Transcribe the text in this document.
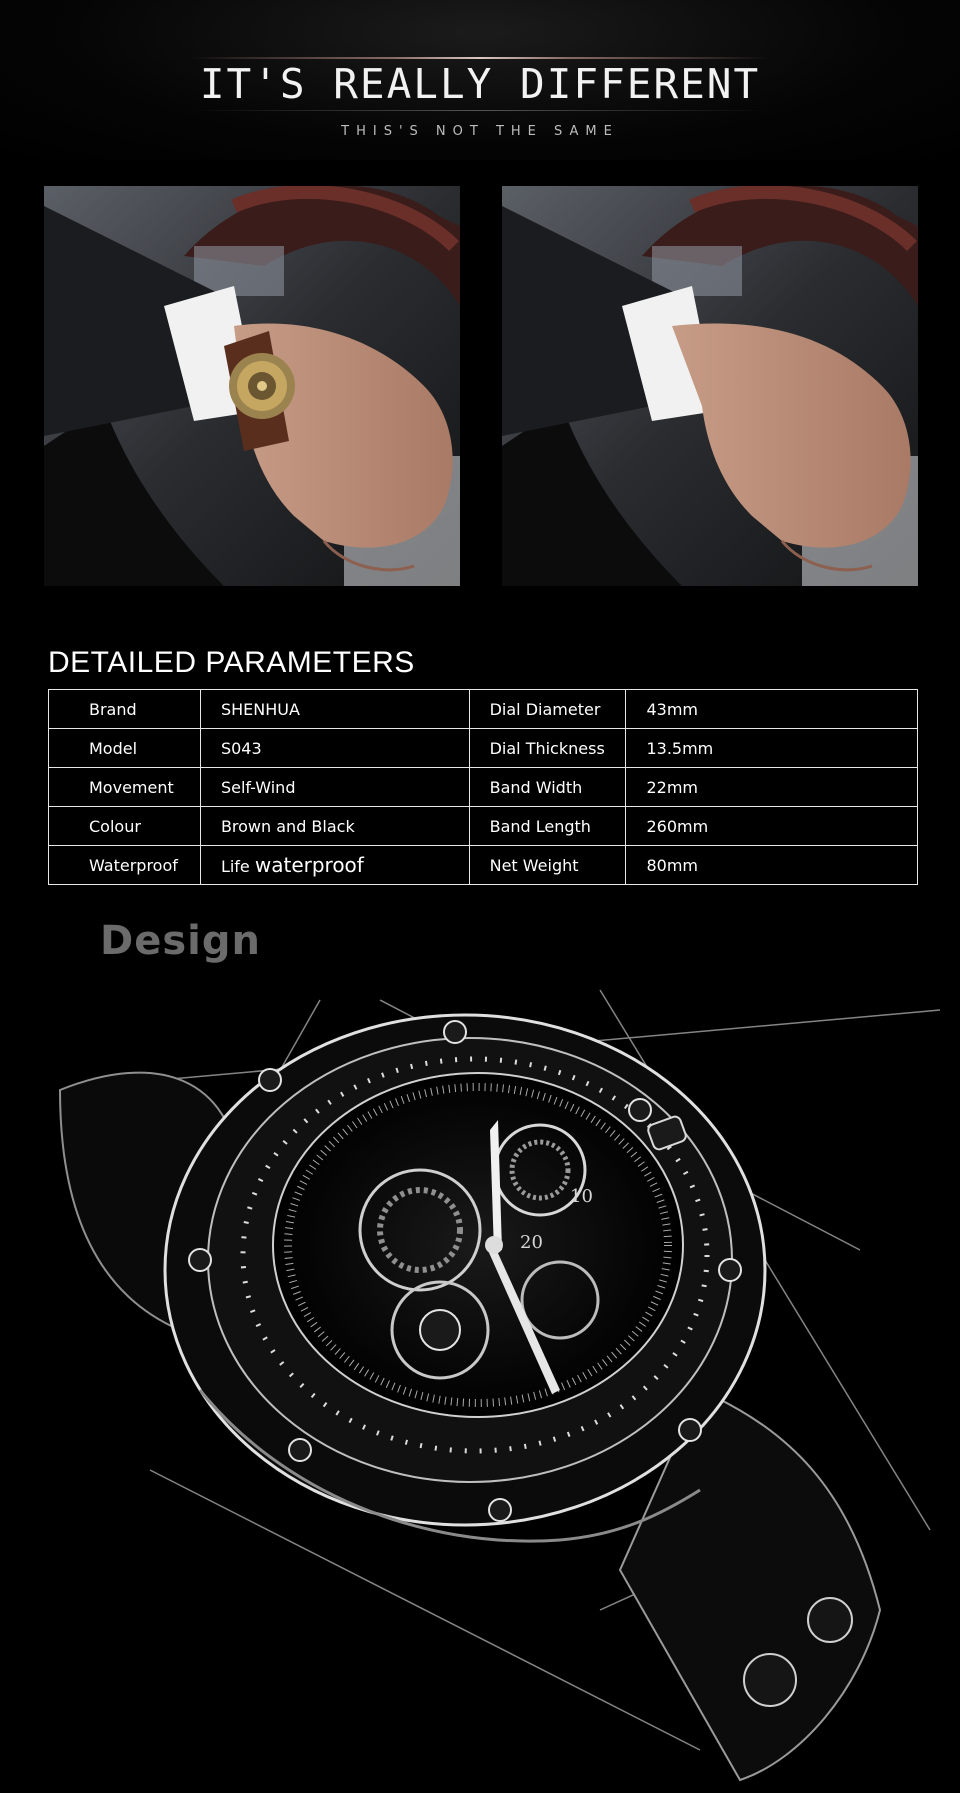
IT'S REALLY DIFFERENT
THIS'S NOT THE SAME
DETAILED PARAMETERS
Brand	SHENHUA	Dial Diameter	43mm
Model	S043	Dial Thickness	13.5mm
Movement	Self-Wind	Band Width	22mm
Colour	Brown and Black	Band Length	260mm
Waterproof	Life waterproof	Net Weight	80mm
Design
20
10
